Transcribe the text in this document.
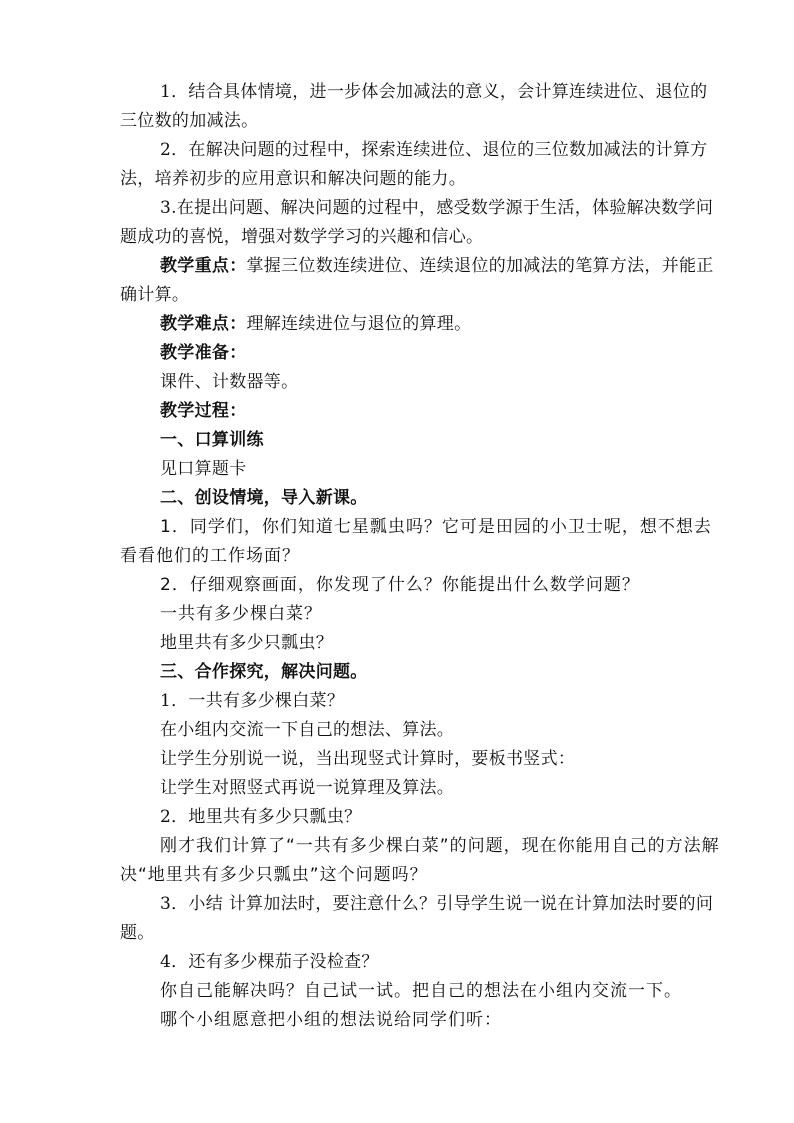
1．结合具体情境，进一步体会加减法的意义，会计算连续进位、退位的三位数的加减法。

2．在解决问题的过程中，探索连续进位、退位的三位数加减法的计算方法，培养初步的应用意识和解决问题的能力。

3.在提出问题、解决问题的过程中，感受数学源于生活，体验解决数学问题成功的喜悦，增强对数学学习的兴趣和信心。

教学重点：掌握三位数连续进位、连续退位的加减法的笔算方法，并能正确计算。

教学难点：理解连续进位与退位的算理。

教学准备：

课件、计数器等。

教学过程：

一、口算训练

见口算题卡

二、创设情境，导入新课。

1．同学们，你们知道七星瓢虫吗？它可是田园的小卫士呢，想不想去看看他们的工作场面？

2．仔细观察画面，你发现了什么？你能提出什么数学问题？

一共有多少棵白菜？

地里共有多少只瓢虫？

三、合作探究，解决问题。

1．一共有多少棵白菜？

在小组内交流一下自己的想法、算法。

让学生分别说一说，当出现竖式计算时，要板书竖式：

让学生对照竖式再说一说算理及算法。

2．地里共有多少只瓢虫？

刚才我们计算了“一共有多少棵白菜”的问题，现在你能用自己的方法解决“地里共有多少只瓢虫”这个问题吗？

3．小结 计算加法时，要注意什么？引导学生说一说在计算加法时要的问题。

4．还有多少棵茄子没检查？

你自己能解决吗？自己试一试。把自己的想法在小组内交流一下。

哪个小组愿意把小组的想法说给同学们听：
